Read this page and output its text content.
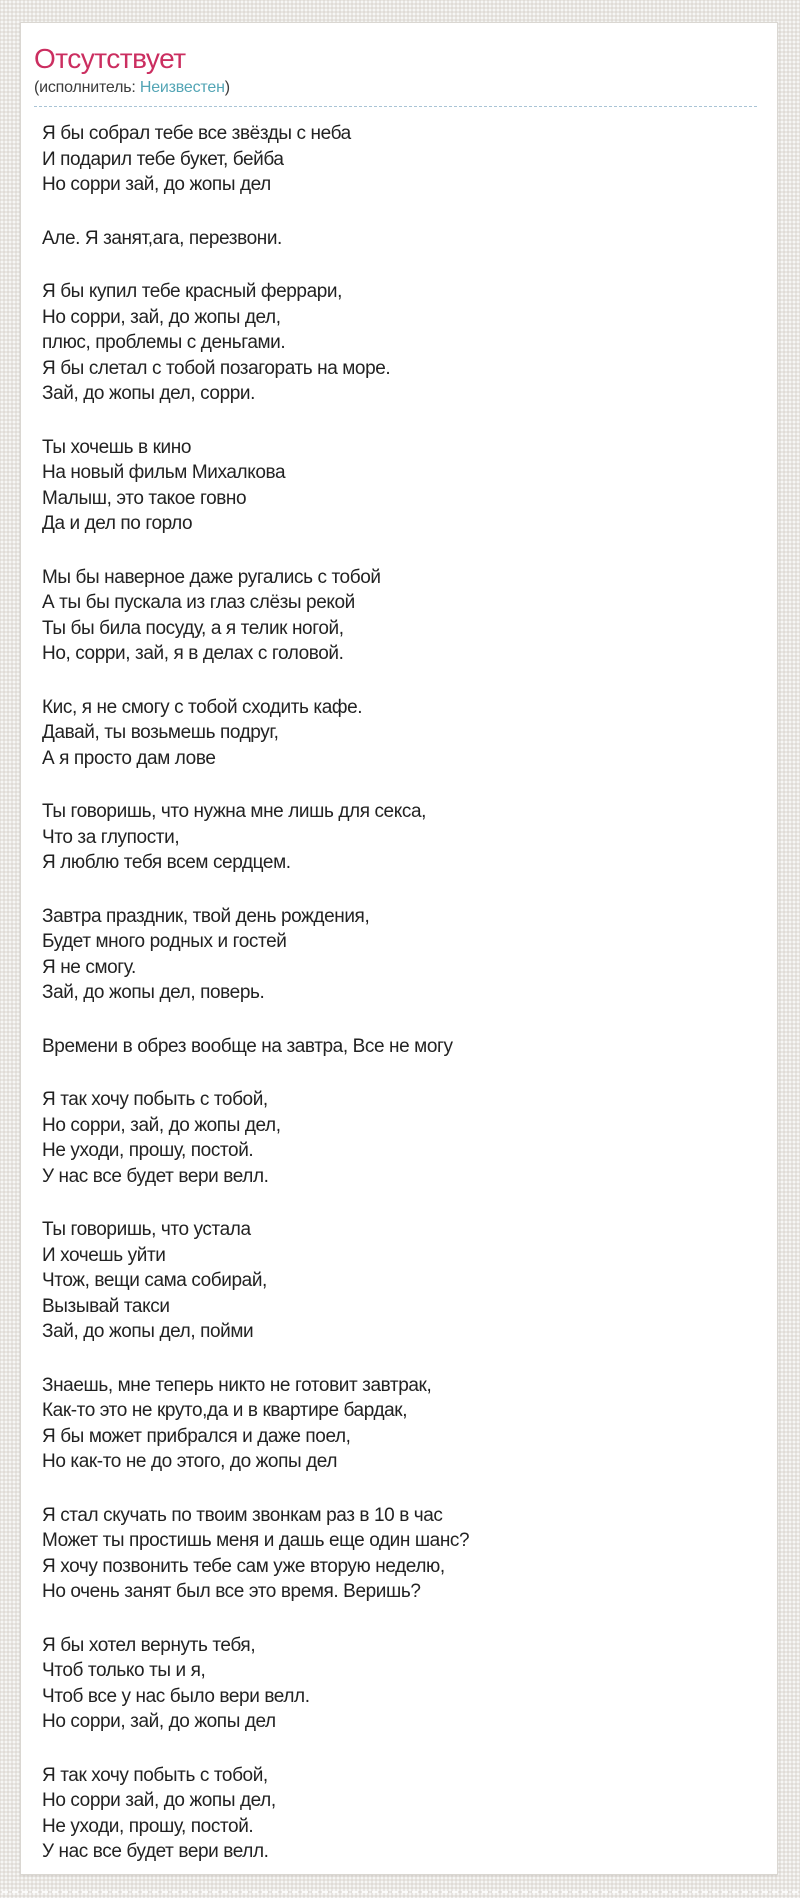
Отсутствует
(исполнитель: Неизвестен)

Я бы собрал тебе все звёзды с неба
И подарил тебе букет, бейба
Но сорри зай, до жопы дел

Але. Я занят,ага, перезвони.

Я бы купил тебе красный феррари,
Но сорри, зай, до жопы дел,
плюс, проблемы с деньгами.
Я бы слетал с тобой позагорать на море.
Зай, до жопы дел, сорри.

Ты хочешь в кино
На новый фильм Михалкова
Малыш, это такое говно
Да и дел по горло

Мы бы наверное даже ругались с тобой
А ты бы пускала из глаз слёзы рекой
Ты бы била посуду, а я телик ногой,
Но, сорри, зай, я в делах с головой.

Кис, я не смогу с тобой сходить кафе.
Давай, ты возьмешь подруг,
А я просто дам лове

Ты говоришь, что нужна мне лишь для секса,
Что за глупости,
Я люблю тебя всем сердцем.

Завтра праздник, твой день рождения,
Будет много родных и гостей
Я не смогу.
Зай, до жопы дел, поверь.

Времени в обрез вообще на завтра, Все не могу

Я так хочу побыть с тобой,
Но сорри, зай, до жопы дел,
Не уходи, прошу, постой.
У нас все будет вери велл.

Ты говоришь, что устала
И хочешь уйти
Чтож, вещи сама собирай,
Вызывай такси
Зай, до жопы дел, пойми

Знаешь, мне теперь никто не готовит завтрак,
Как-то это не круто,да и в квартире бардак,
Я бы может прибрался и даже поел,
Но как-то не до этого, до жопы дел

Я стал скучать по твоим звонкам раз в 10 в час
Может ты простишь меня и дашь еще один шанс?
Я хочу позвонить тебе сам уже вторую неделю,
Но очень занят был все это время. Веришь?

Я бы хотел вернуть тебя,
Чтоб только ты и я,
Чтоб все у нас было вери велл.
Но сорри, зай, до жопы дел

Я так хочу побыть с тобой,
Но сорри зай, до жопы дел,
Не уходи, прошу, постой.
У нас все будет вери велл.
